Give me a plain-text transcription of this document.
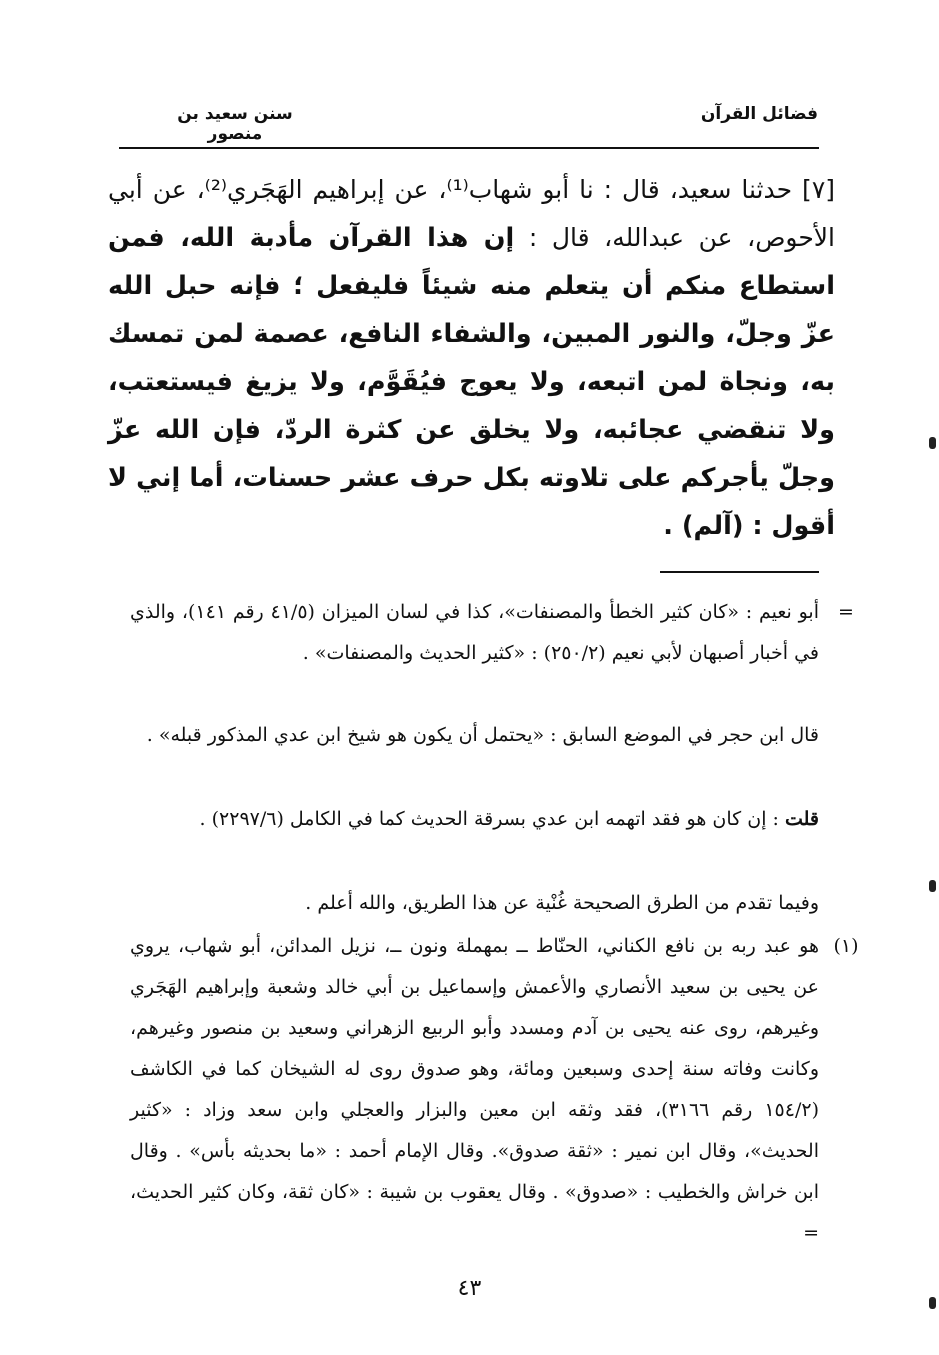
سنن سعيد بن منصور
فضائل القرآن
[٧] حدثنا سعيد، قال : نا أبو شهاب⁽¹⁾، عن إبراهيم الهَجَري⁽²⁾، عن أبي الأحوص، عن عبدالله، قال : إن هذا القرآن مأدبة الله، فمن استطاع منكم أن يتعلم منه شيئاً فليفعل ؛ فإنه حبل الله عزّ وجلّ، والنور المبين، والشفاء النافع، عصمة لمن تمسك به، ونجاة لمن اتبعه، ولا يعوج فيُقَوَّم، ولا يزيغ فيستعتب، ولا تنقضي عجائبه، ولا يخلق عن كثرة الردّ، فإن الله عزّ وجلّ يأجركم على تلاوته بكل حرف عشر حسنات، أما إني لا أقول : (آلم) .
=
أبو نعيم : «كان كثير الخطأ والمصنفات»، كذا في لسان الميزان (٤١/٥ رقم ١٤١)، والذي في أخبار أصبهان لأبي نعيم (٢٥٠/٢) : «كثير الحديث والمصنفات» .
قال ابن حجر في الموضع السابق : «يحتمل أن يكون هو شيخ ابن عدي المذكور قبله» .
قلت : إن كان هو فقد اتهمه ابن عدي بسرقة الحديث كما في الكامل (٢٢٩٧/٦) .
وفيما تقدم من الطرق الصحيحة غُنْية عن هذا الطريق، والله أعلم .
(١)
هو عبد ربه بن نافع الكناني، الحنّاط ــ بمهملة ونون ــ، نزيل المدائن، أبو شهاب، يروي عن يحيى بن سعيد الأنصاري والأعمش وإسماعيل بن أبي خالد وشعبة وإبراهيم الهَجَري وغيرهم، روى عنه يحيى بن آدم ومسدد وأبو الربيع الزهراني وسعيد بن منصور وغيرهم، وكانت وفاته سنة إحدى وسبعين ومائة، وهو صدوق روى له الشيخان كما في الكاشف (١٥٤/٢ رقم ٣١٦٦)، فقد وثقه ابن معين والبزار والعجلي وابن سعد وزاد : «كثير الحديث»، وقال ابن نمير : «ثقة صدوق». وقال الإمام أحمد : «ما بحديثه بأس» . وقال ابن خراش والخطيب : «صدوق» . وقال يعقوب بن شيبة : «كان ثقة، وكان كثير الحديث، =
٤٣
